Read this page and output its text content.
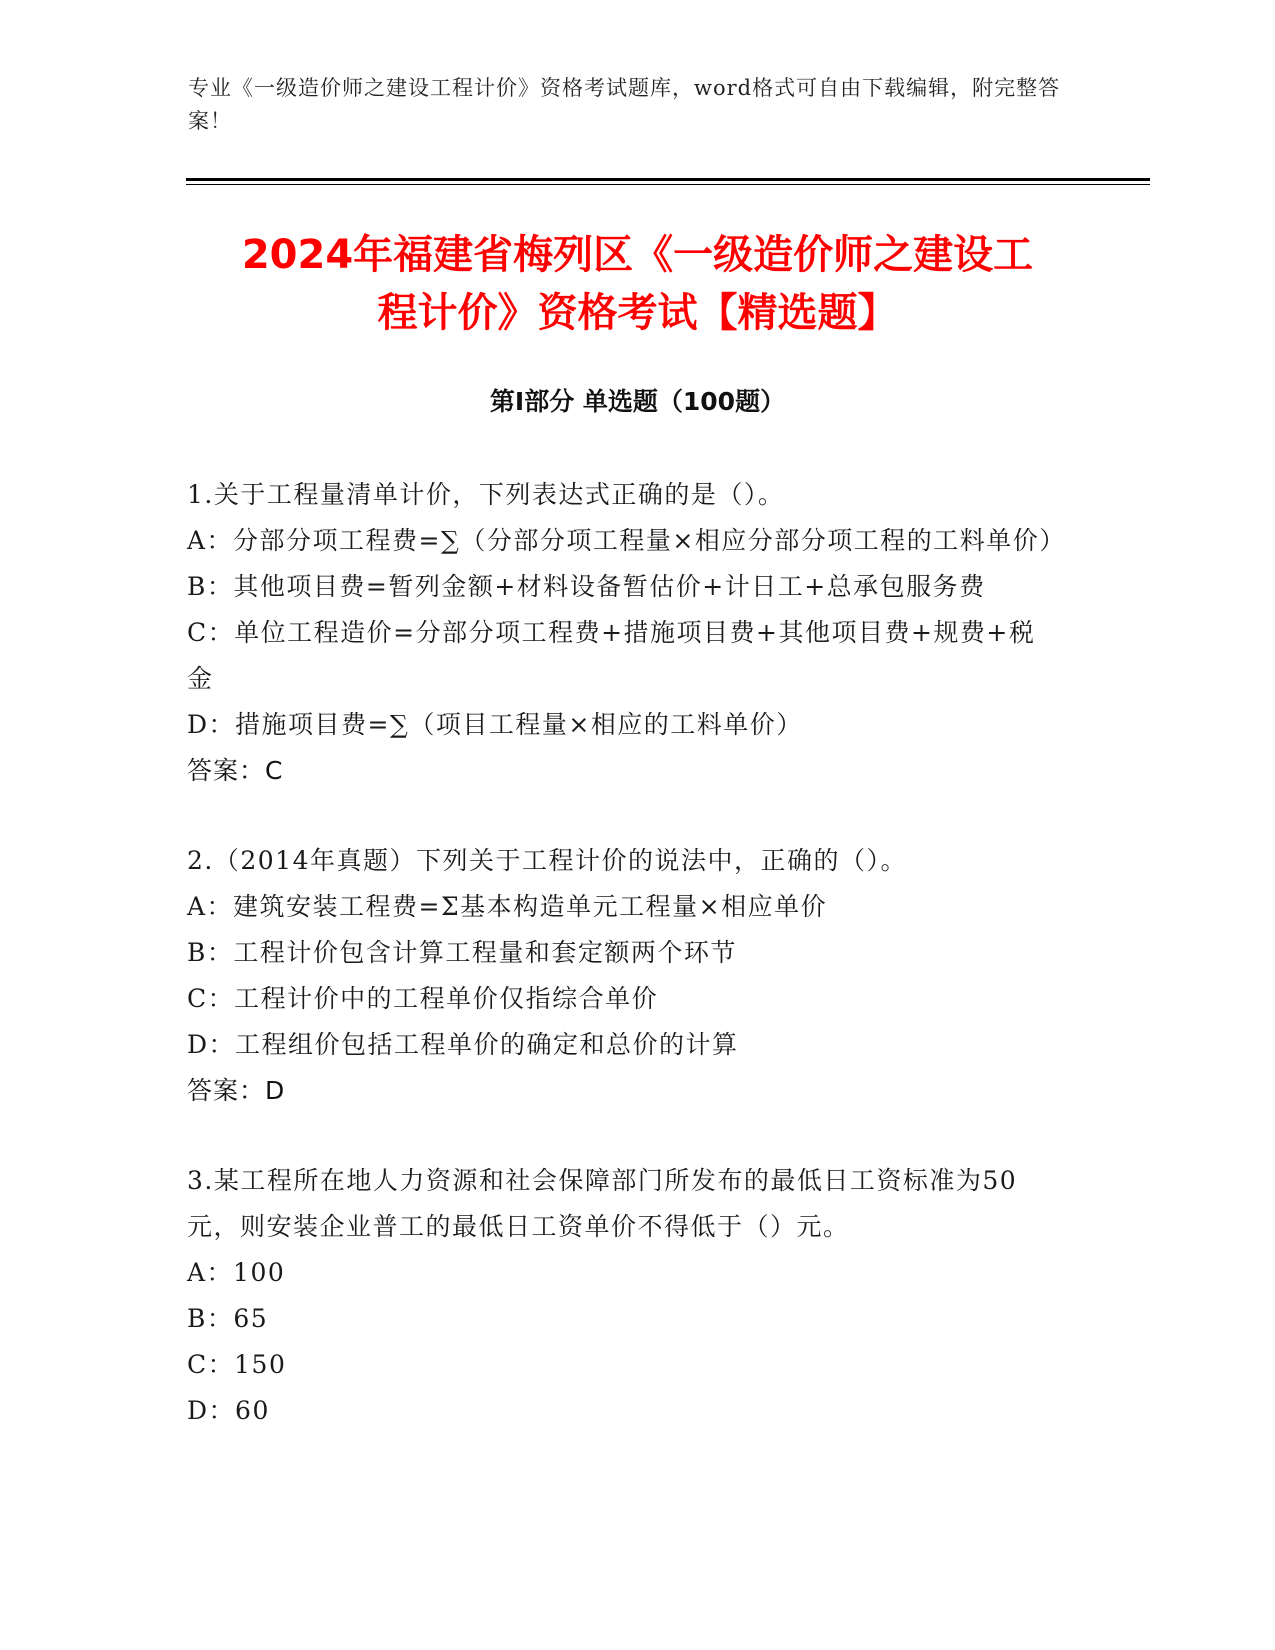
专业《一级造价师之建设工程计价》资格考试题库，word格式可自由下载编辑，附完整答案！
2024年福建省梅列区《一级造价师之建设工
程计价》资格考试【精选题】
第Ⅰ部分 单选题（100题）
1.关于工程量清单计价，下列表达式正确的是（）。
A：分部分项工程费=∑（分部分项工程量×相应分部分项工程的工料单价）
B：其他项目费=暂列金额+材料设备暂估价+计日工+总承包服务费
C：单位工程造价=分部分项工程费+措施项目费+其他项目费+规费+税金
D：措施项目费=∑（项目工程量×相应的工料单价）
答案：C
2.（2014年真题）下列关于工程计价的说法中，正确的（）。
A：建筑安装工程费=Σ基本构造单元工程量×相应单价
B：工程计价包含计算工程量和套定额两个环节
C：工程计价中的工程单价仅指综合单价
D：工程组价包括工程单价的确定和总价的计算
答案：D
3.某工程所在地人力资源和社会保障部门所发布的最低日工资标准为50元，则安装企业普工的最低日工资单价不得低于（）元。
A：100
B：65
C：150
D：60
